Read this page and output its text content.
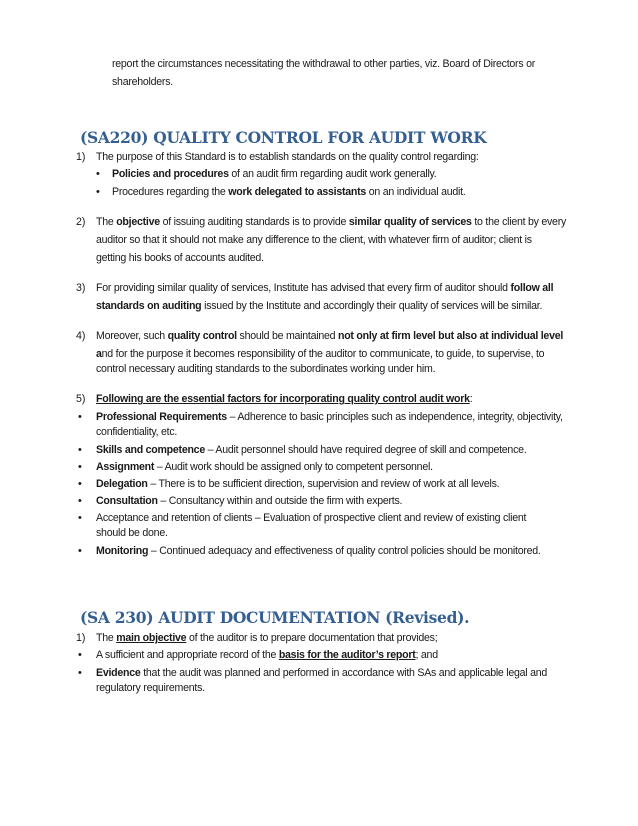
report the circumstances necessitating the withdrawal to other parties, viz. Board of Directors or
shareholders.
(SA220) QUALITY CONTROL FOR AUDIT WORK
1) The purpose of this Standard is to establish standards on the quality control regarding:
• Policies and procedures of an audit firm regarding audit work generally.
• Procedures regarding the work delegated to assistants on an individual audit.
2) The objective of issuing auditing standards is to provide similar quality of services to the client by every
auditor so that it should not make any difference to the client, with whatever firm of auditor; client is
getting his books of accounts audited.
3) For providing similar quality of services, Institute has advised that every firm of auditor should follow all
standards on auditing issued by the Institute and accordingly their quality of services will be similar.
4) Moreover, such quality control should be maintained not only at firm level but also at individual level
and for the purpose it becomes responsibility of the auditor to communicate, to guide, to supervise, to
control necessary auditing standards to the subordinates working under him.
5) Following are the essential factors for incorporating quality control audit work:
• Professional Requirements – Adherence to basic principles such as independence, integrity, objectivity,
confidentiality, etc.
• Skills and competence – Audit personnel should have required degree of skill and competence.
• Assignment – Audit work should be assigned only to competent personnel.
• Delegation – There is to be sufficient direction, supervision and review of work at all levels.
• Consultation – Consultancy within and outside the firm with experts.
• Acceptance and retention of clients – Evaluation of prospective client and review of existing client
should be done.
• Monitoring – Continued adequacy and effectiveness of quality control policies should be monitored.
(SA 230) AUDIT DOCUMENTATION (Revised).
1) The main objective of the auditor is to prepare documentation that provides;
• A sufficient and appropriate record of the basis for the auditor’s report; and
• Evidence that the audit was planned and performed in accordance with SAs and applicable legal and
regulatory requirements.
